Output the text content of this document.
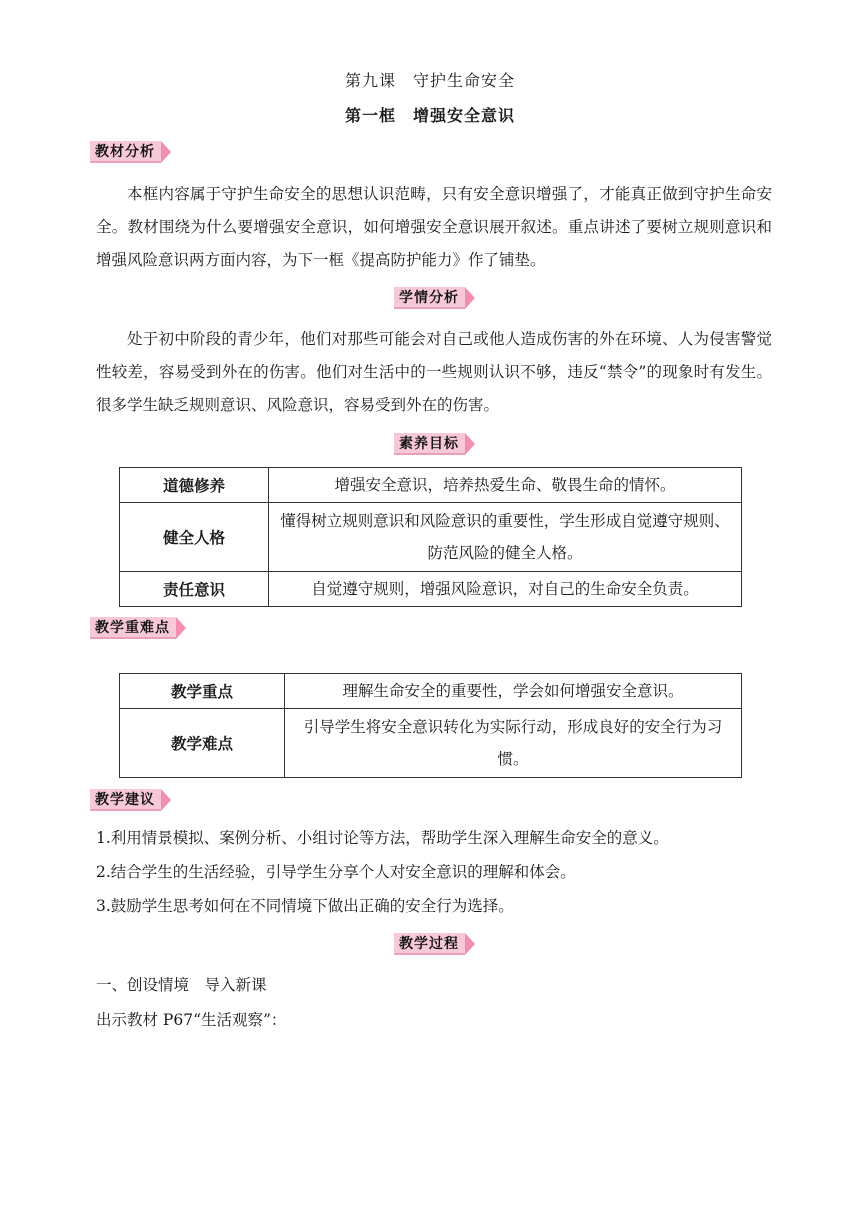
第九课　守护生命安全
第一框　增强安全意识
教材分析
本框内容属于守护生命安全的思想认识范畴，只有安全意识增强了，才能真正做到守护生命安全。教材围绕为什么要增强安全意识，如何增强安全意识展开叙述。重点讲述了要树立规则意识和增强风险意识两方面内容，为下一框《提高防护能力》作了铺垫。
学情分析
处于初中阶段的青少年，他们对那些可能会对自己或他人造成伤害的外在环境、人为侵害警觉性较差，容易受到外在的伤害。他们对生活中的一些规则认识不够，违反“禁令”的现象时有发生。很多学生缺乏规则意识、风险意识，容易受到外在的伤害。
素养目标
道德修养	增强安全意识，培养热爱生命、敬畏生命的情怀。
健全人格	懂得树立规则意识和风险意识的重要性，学生形成自觉遵守规则、防范风险的健全人格。
责任意识	自觉遵守规则，增强风险意识，对自己的生命安全负责。
教学重难点
教学重点	理解生命安全的重要性，学会如何增强安全意识。
教学难点	引导学生将安全意识转化为实际行动，形成良好的安全行为习惯。
教学建议
1.利用情景模拟、案例分析、小组讨论等方法，帮助学生深入理解生命安全的意义。
2.结合学生的生活经验，引导学生分享个人对安全意识的理解和体会。
3.鼓励学生思考如何在不同情境下做出正确的安全行为选择。
教学过程
一、创设情境　导入新课
出示教材 P67“生活观察”：
